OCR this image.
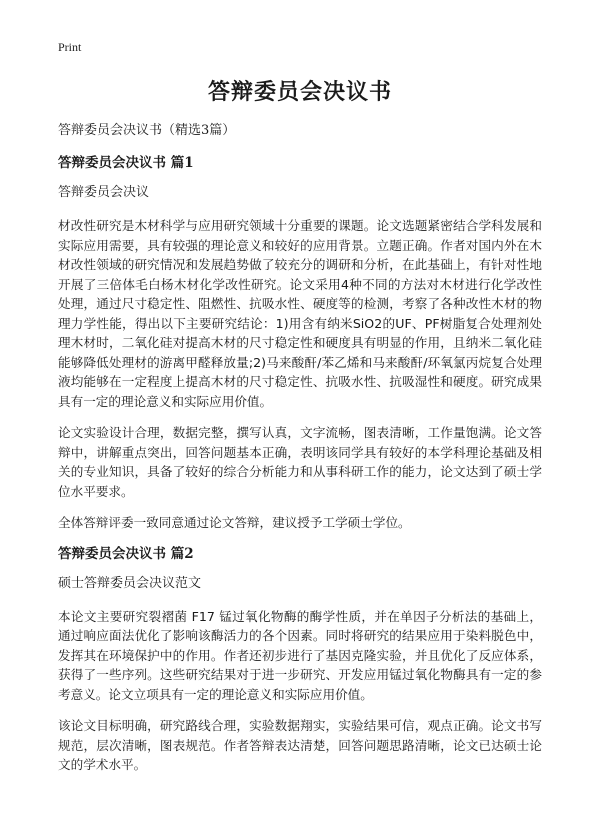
Print
答辩委员会决议书
答辩委员会决议书（精选3篇）
答辩委员会决议书 篇1
答辩委员会决议

材改性研究是木材科学与应用研究领域十分重要的课题。论文选题紧密结合学科发展和实际应用需要，具有较强的理论意义和较好的应用背景。立题正确。作者对国内外在木材改性领域的研究情况和发展趋势做了较充分的调研和分析，在此基础上，有针对性地开展了三倍体毛白杨木材化学改性研究。论文采用4种不同的方法对木材进行化学改性处理，通过尺寸稳定性、阻燃性、抗吸水性、硬度等的检测，考察了各种改性木材的物理力学性能，得出以下主要研究结论：1)用含有纳米SiO2的UF、PF树脂复合处理剂处理木材时，二氧化硅对提高木材的尺寸稳定性和硬度具有明显的作用，且纳米二氧化硅能够降低处理材的游离甲醛释放量;2)马来酸酐/苯乙烯和马来酸酐/环氧氯丙烷复合处理液均能够在一定程度上提高木材的尺寸稳定性、抗吸水性、抗吸湿性和硬度。研究成果具有一定的理论意义和实际应用价值。

论文实验设计合理，数据完整，撰写认真，文字流畅，图表清晰，工作量饱满。论文答辩中，讲解重点突出，回答问题基本正确，表明该同学具有较好的本学科理论基础及相关的专业知识，具备了较好的综合分析能力和从事科研工作的能力，论文达到了硕士学位水平要求。

全体答辩评委一致同意通过论文答辩，建议授予工学硕士学位。

答辩委员会决议书 篇2
硕士答辩委员会决议范文

本论文主要研究裂褶菌 F17 锰过氧化物酶的酶学性质，并在单因子分析法的基础上，通过响应面法优化了影响该酶活力的各个因素。同时将研究的结果应用于染料脱色中，发挥其在环境保护中的作用。作者还初步进行了基因克隆实验，并且优化了反应体系，获得了一些序列。这些研究结果对于进一步研究、开发应用锰过氧化物酶具有一定的参考意义。论文立项具有一定的理论意义和实际应用价值。

该论文目标明确，研究路线合理，实验数据翔实，实验结果可信，观点正确。论文书写规范，层次清晰，图表规范。作者答辩表达清楚，回答问题思路清晰，论文已达硕士论文的学术水平。
